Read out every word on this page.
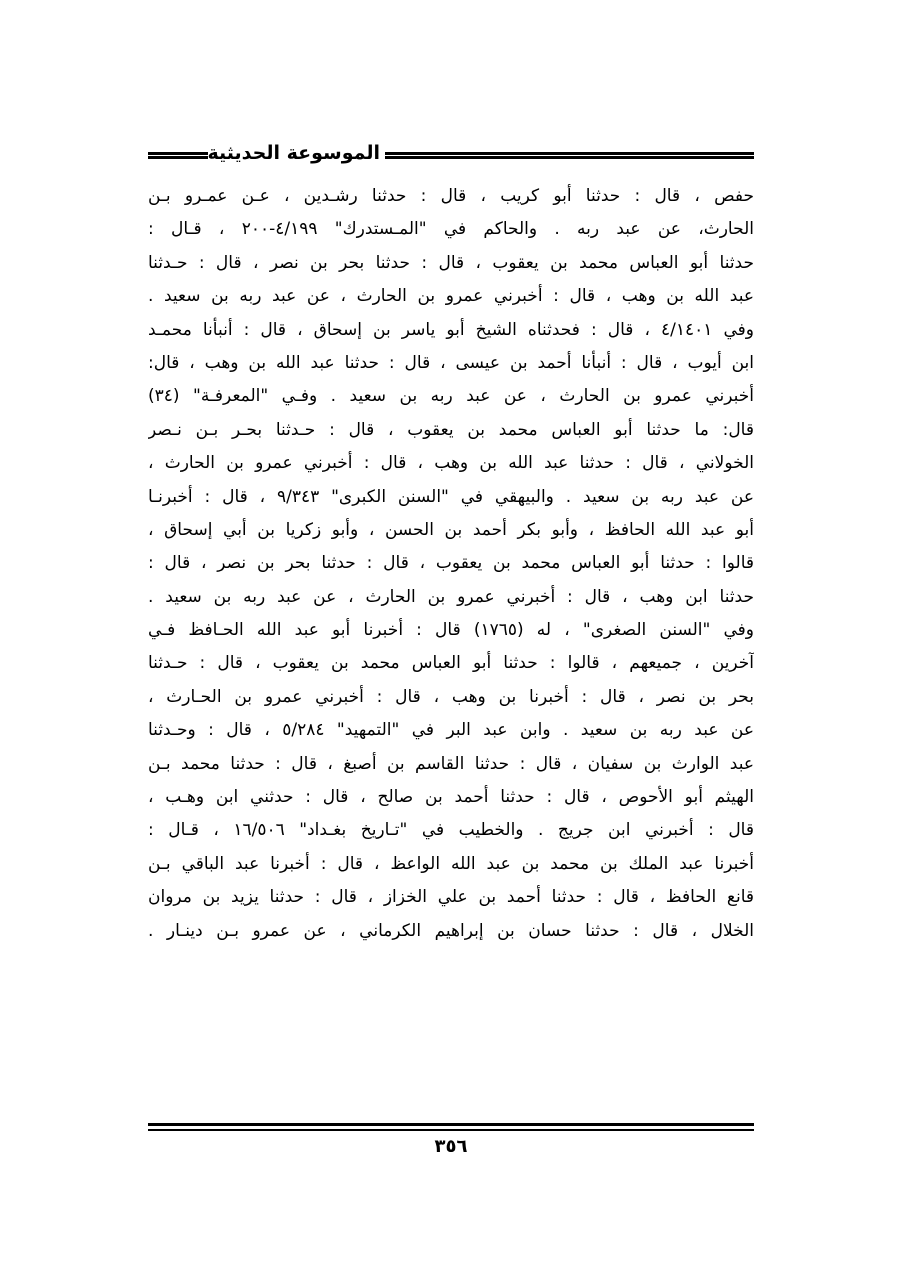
الموسوعة الحديثية
حفص ، قال : حدثنا أبو كريب ، قال : حدثنا رشـدين ، عـن عمـرو بـن
الحارث، عن عبد ربه . والحاكم في "المـستدرك" ٤/١٩٩-٢٠٠ ، قـال :
حدثنا أبو العباس محمد بن يعقوب ، قال : حدثنا بحر بن نصر ، قال : حـدثنا
عبد الله بن وهب ، قال : أخبرني عمرو بن الحارث ، عن عبد ربه بن سعيد .
وفي ٤/١٤٠١ ، قال : فحدثناه الشيخ أبو ياسر بن إسحاق ، قال : أنبأنا محمـد
ابن أيوب ، قال : أنبأنا أحمد بن عيسى ، قال : حدثنا عبد الله بن وهب ، قال:
أخبرني عمرو بن الحارث ، عن عبد ربه بن سعيد . وفـي "المعرفـة" (٣٤)
قال: ما حدثنا أبو العباس محمد بن يعقوب ، قال : حـدثنا بحـر بـن نـصر
الخولاني ، قال : حدثنا عبد الله بن وهب ، قال : أخبرني عمرو بن الحارث ،
عن عبد ربه بن سعيد . والبيهقي في "السنن الكبرى" ٩/٣٤٣ ، قال : أخبرنـا
أبو عبد الله الحافظ ، وأبو بكر أحمد بن الحسن ، وأبو زكريا بن أبي إسحاق ،
قالوا : حدثنا أبو العباس محمد بن يعقوب ، قال : حدثنا بحر بن نصر ، قال :
حدثنا ابن وهب ، قال : أخبرني عمرو بن الحارث ، عن عبد ربه بن سعيد .
وفي "السنن الصغرى" ، له (١٧٦٥) قال : أخبرنا أبو عبد الله الحـافظ فـي
آخرين ، جميعهم ، قالوا : حدثنا أبو العباس محمد بن يعقوب ، قال : حـدثنا
بحر بن نصر ، قال : أخبرنا بن وهب ، قال : أخبرني عمرو بن الحـارث ،
عن عبد ربه بن سعيد . وابن عبد البر في "التمهيد" ٥/٢٨٤ ، قال : وحـدثنا
عبد الوارث بن سفيان ، قال : حدثنا القاسم بن أصبغ ، قال : حدثنا محمد بـن
الهيثم أبو الأحوص ، قال : حدثنا أحمد بن صالح ، قال : حدثني ابن وهـب ،
قال : أخبرني ابن جريج . والخطيب في "تـاريخ بغـداد" ١٦/٥٠٦ ، قـال :
أخبرنا عبد الملك بن محمد بن عبد الله الواعظ ، قال : أخبرنا عبد الباقي بـن
قانع الحافظ ، قال : حدثنا أحمد بن علي الخزاز ، قال : حدثنا يزيد بن مروان
الخلال ، قال : حدثنا حسان بن إبراهيم الكرماني ، عن عمرو بـن دينـار .
٣٥٦
